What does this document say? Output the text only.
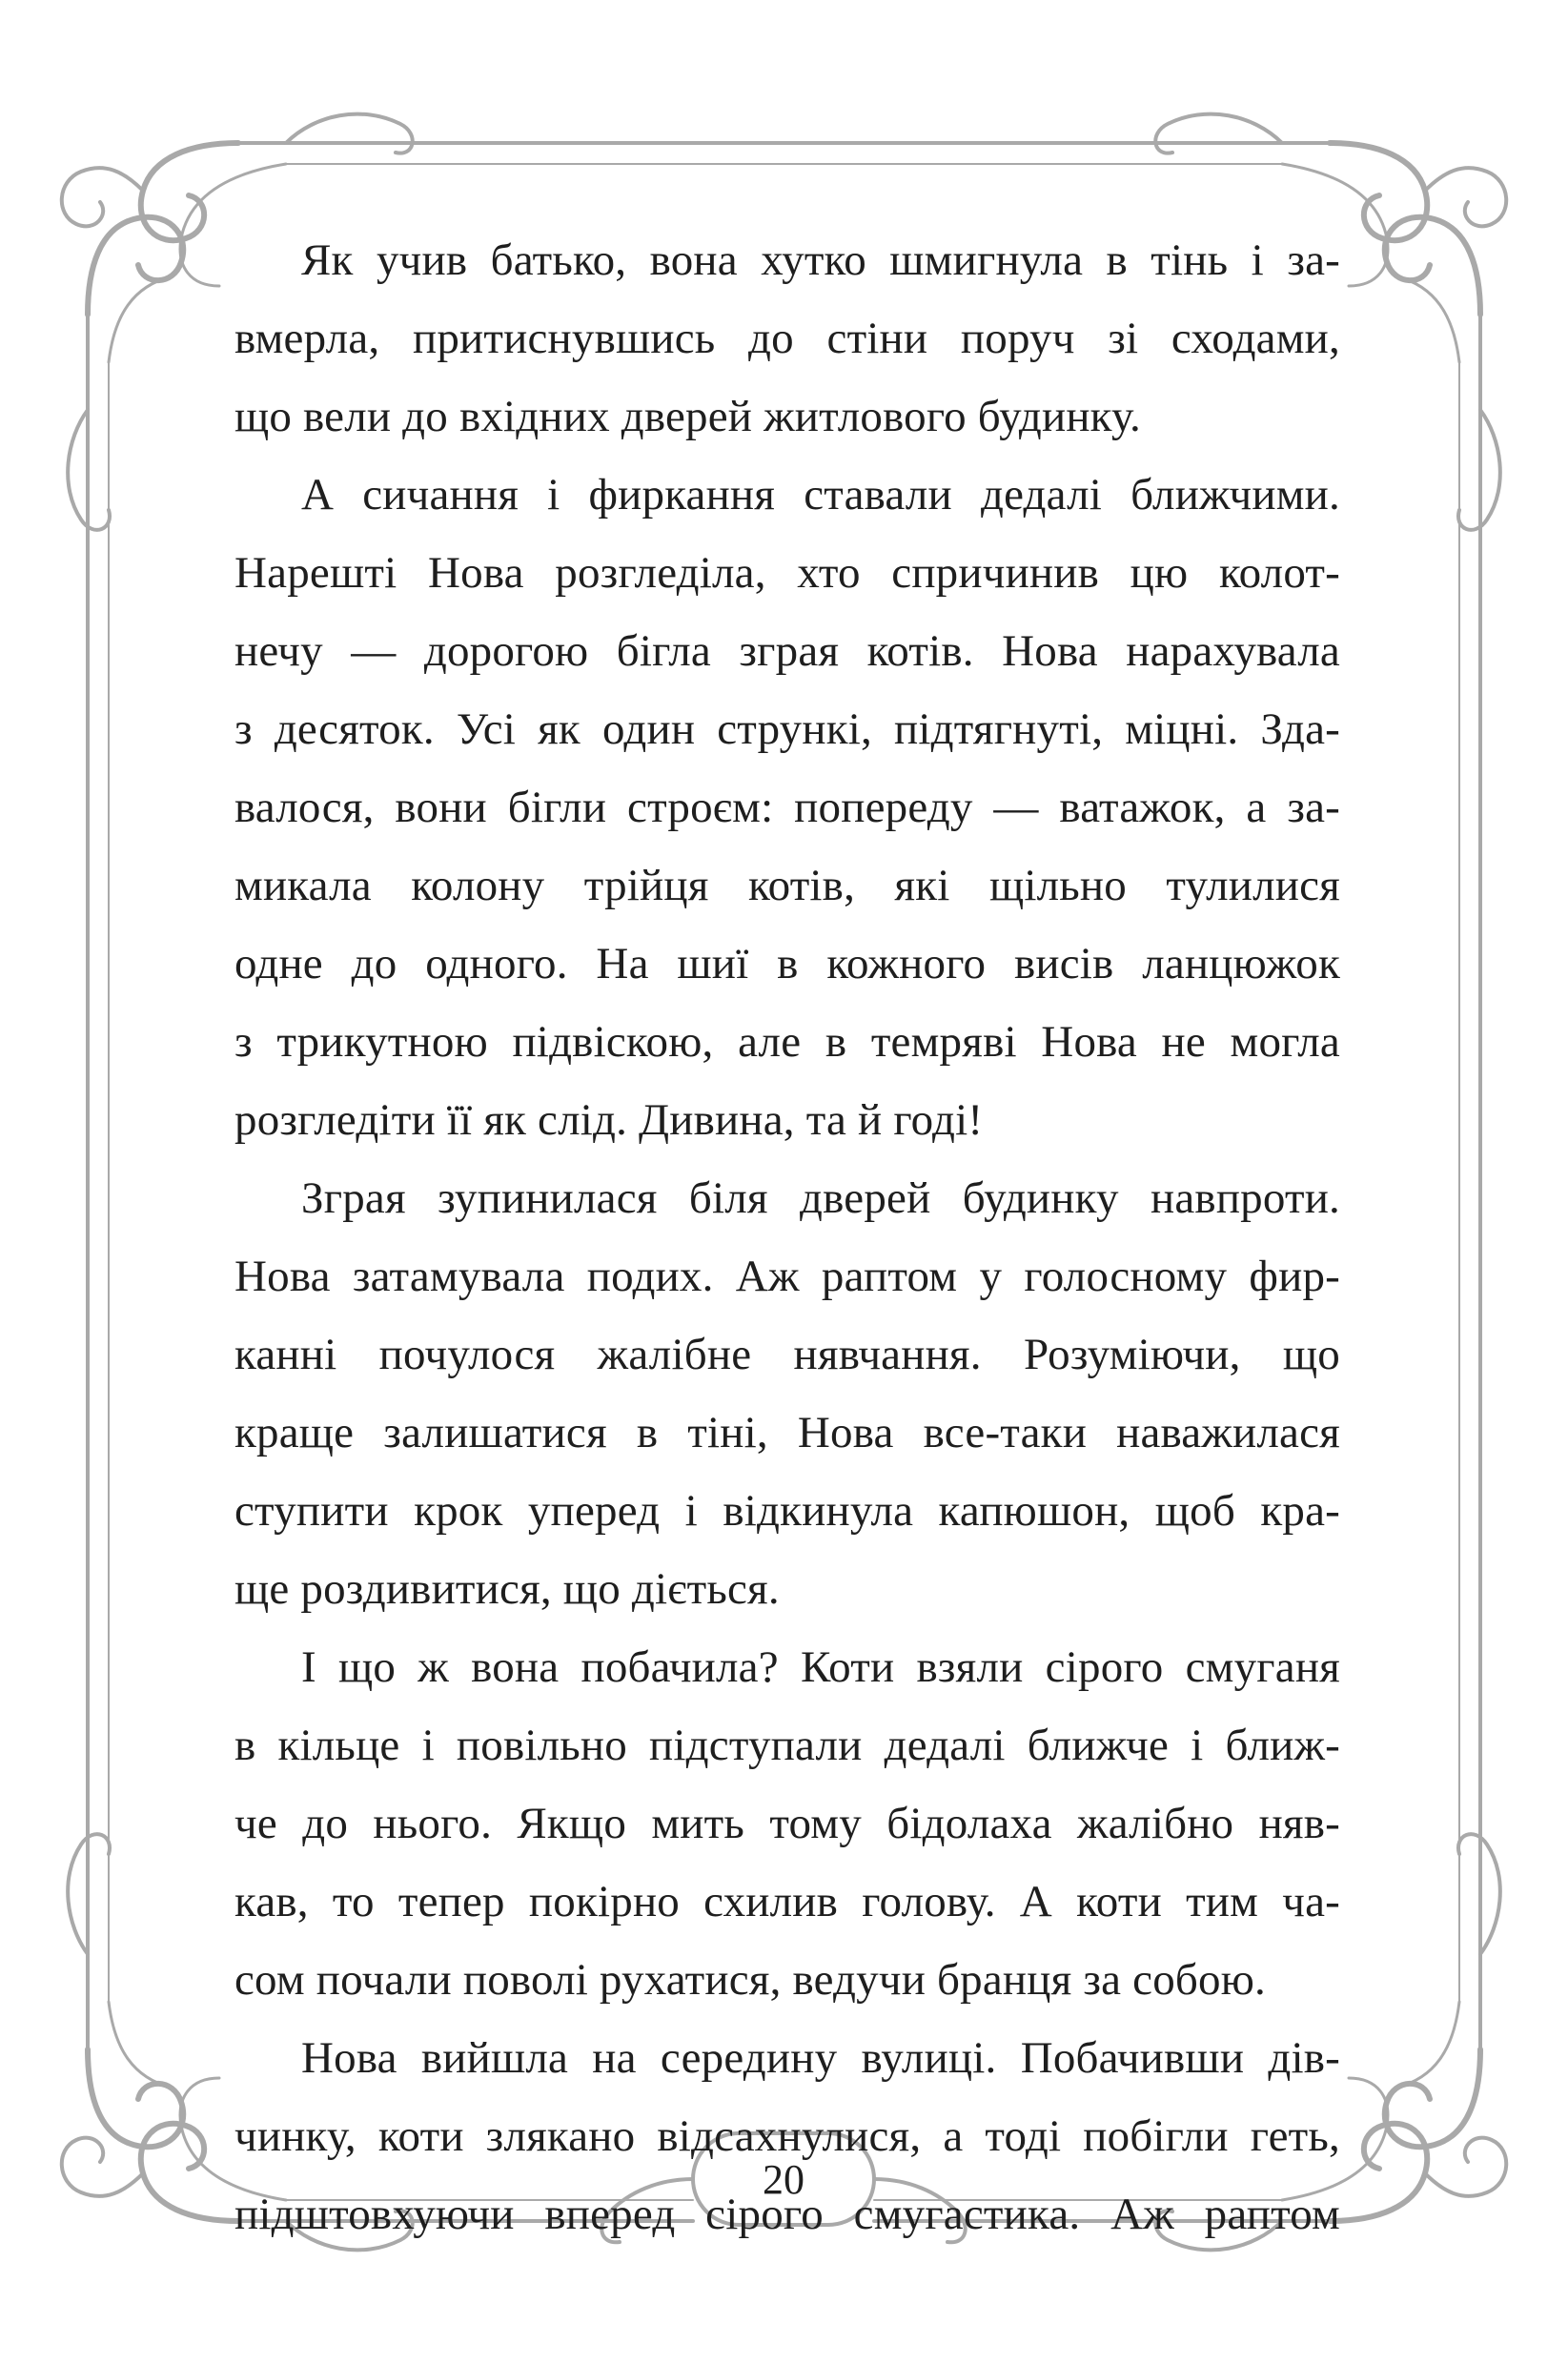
Як учив батько, вона хутко шмигнула в тінь і за-
вмерла, притиснувшись до стіни поруч зі сходами,
що вели до вхідних дверей житлового будинку.
А сичання і фиркання ставали дедалі ближчими.
Нарешті Нова розгледіла, хто спричинив цю колот-
нечу — дорогою бігла зграя котів. Нова нарахувала
з десяток. Усі як один стрункі, підтягнуті, міцні. Зда-
валося, вони бігли строєм: попереду — ватажок, а за-
микала колону трійця котів, які щільно тулилися
одне до одного. На шиї в кожного висів ланцюжок
з трикутною підвіскою, але в темряві Нова не могла
розгледіти її як слід. Дивина, та й годі!
Зграя зупинилася біля дверей будинку навпроти.
Нова затамувала подих. Аж раптом у голосному фир-
канні почулося жалібне нявчання. Розуміючи, що
краще залишатися в тіні, Нова все-таки наважилася
ступити крок уперед і відкинула капюшон, щоб кра-
ще роздивитися, що діється.
І що ж вона побачила? Коти взяли сірого смуганя
в кільце і повільно підступали дедалі ближче і ближ-
че до нього. Якщо мить тому бідолаха жалібно няв-
кав, то тепер покірно схилив голову. А коти тим ча-
сом почали поволі рухатися, ведучи бранця за собою.
Нова вийшла на середину вулиці. Побачивши дів-
чинку, коти злякано відсахнулися, а тоді побігли геть,
підштовхуючи вперед сірого смугастика. Аж раптом
20
